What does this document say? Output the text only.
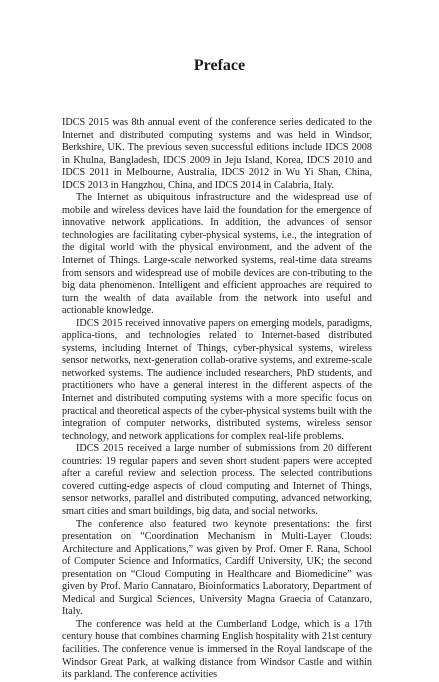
Preface

IDCS 2015 was 8th annual event of the conference series dedicated to the Internet and distributed computing systems and was held in Windsor, Berkshire, UK. The previous seven successful editions include IDCS 2008 in Khulna, Bangladesh, IDCS 2009 in Jeju Island, Korea, IDCS 2010 and IDCS 2011 in Melbourne, Australia, IDCS 2012 in Wu Yi Shan, China, IDCS 2013 in Hangzhou, China, and IDCS 2014 in Calabria, Italy.

The Internet as ubiquitous infrastructure and the widespread use of mobile and wireless devices have laid the foundation for the emergence of innovative network applications. In addition, the advances of sensor technologies are facilitating cyber-physical systems, i.e., the integration of the digital world with the physical environment, and the advent of the Internet of Things. Large-scale networked systems, real-time data streams from sensors and widespread use of mobile devices are con-tributing to the big data phenomenon. Intelligent and efficient approaches are required to turn the wealth of data available from the network into useful and actionable knowledge.

IDCS 2015 received innovative papers on emerging models, paradigms, applica-tions, and technologies related to Internet-based distributed systems, including Internet of Things, cyber-physical systems, wireless sensor networks, next-generation collab-orative systems, and extreme-scale networked systems. The audience included researchers, PhD students, and practitioners who have a general interest in the different aspects of the Internet and distributed computing systems with a more specific focus on practical and theoretical aspects of the cyber-physical systems built with the integration of computer networks, distributed systems, wireless sensor technology, and network applications for complex real-life problems.

IDCS 2015 received a large number of submissions from 20 different countries: 19 regular papers and seven short student papers were accepted after a careful review and selection process. The selected contributions covered cutting-edge aspects of cloud computing and Internet of Things, sensor networks, parallel and distributed computing, advanced networking, smart cities and smart buildings, big data, and social networks.

The conference also featured two keynote presentations: the first presentation on “Coordination Mechanism in Multi-Layer Clouds: Architecture and Applications,” was given by Prof. Omer F. Rana, School of Computer Science and Informatics, Cardiff University, UK; the second presentation on “Cloud Computing in Healthcare and Biomedicine” was given by Prof. Mario Cannataro, Bioinformatics Laboratory, Department of Medical and Surgical Sciences, University Magna Graecia of Catanzaro, Italy.

The conference was held at the Cumberland Lodge, which is a 17th century house that combines charming English hospitality with 21st century facilities. The conference venue is immersed in the Royal landscape of the Windsor Great Park, at walking distance from Windsor Castle and within its parkland. The conference activities
